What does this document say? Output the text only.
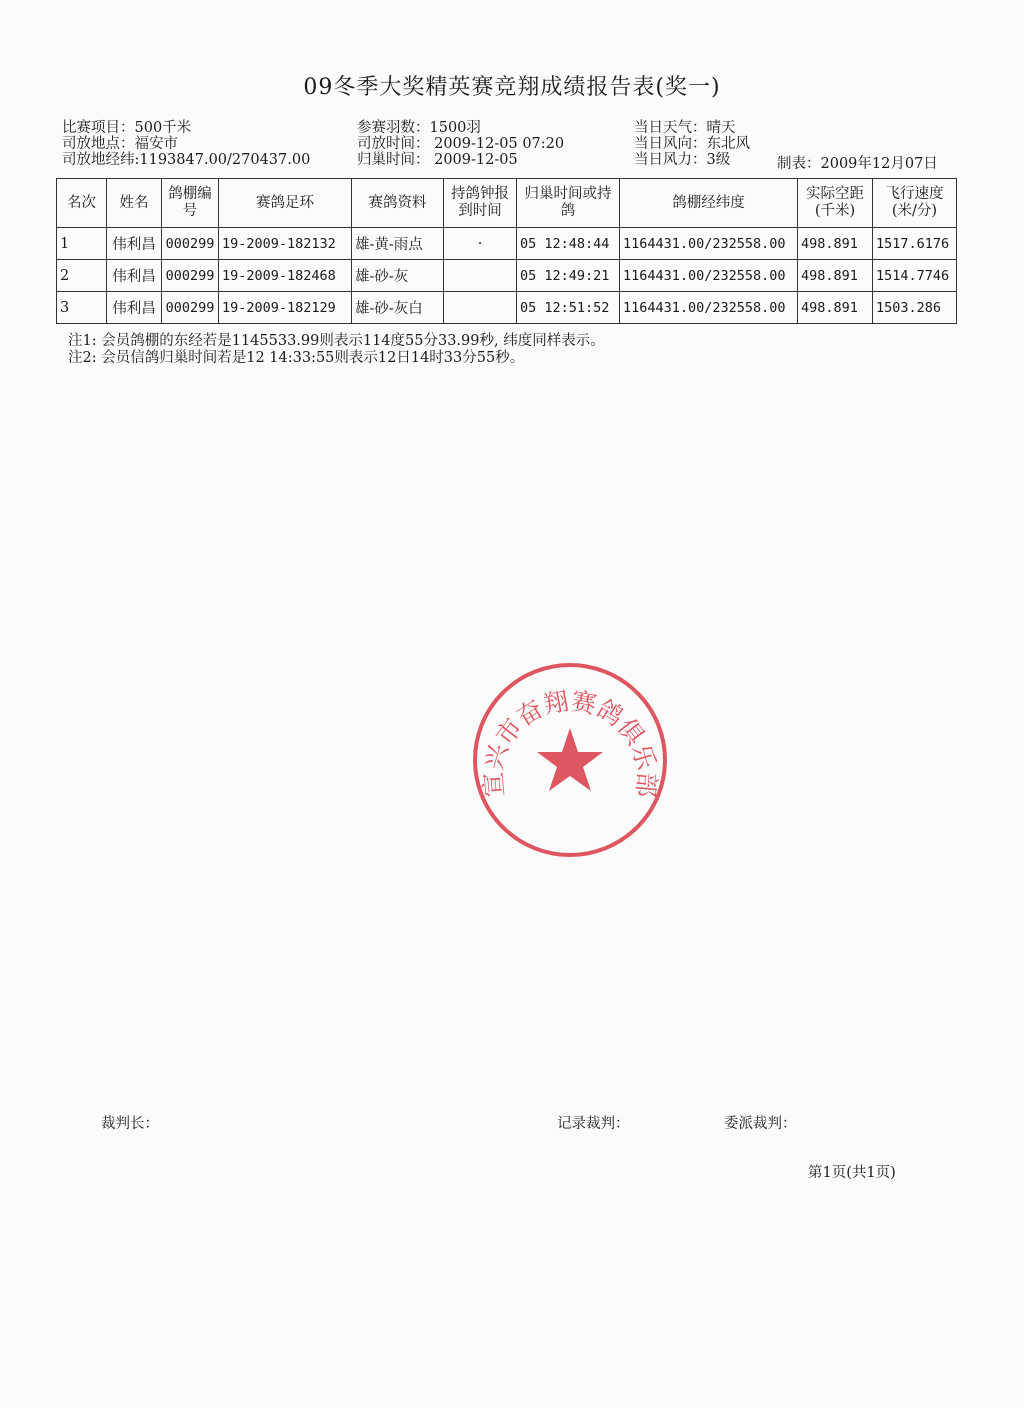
09冬季大奖精英赛竞翔成绩报告表(奖一)
比赛项目：500千米
司放地点：福安市
司放地经纬:1193847.00/270437.00
参赛羽数：1500羽
司放时间： 2009-12-05 07:20
归巢时间： 2009-12-05
当日天气：晴天
当日风向：东北风
当日风力：3级	制表：2009年12月07日
名次	姓名	鸽棚编号	赛鸽足环	赛鸽资料	持鸽钟报到时间	归巢时间或持鸽	鸽棚经纬度	实际空距(千米)	飞行速度(米/分)
1	伟利昌	000299	19-2009-182132	雄-黄-雨点	·	05 12:48:44	1164431.00/232558.00	498.891	1517.6176
2	伟利昌	000299	19-2009-182468	雄-砂-灰		05 12:49:21	1164431.00/232558.00	498.891	1514.7746
3	伟利昌	000299	19-2009-182129	雄-砂-灰白		05 12:51:52	1164431.00/232558.00	498.891	1503.286
注1: 会员鸽棚的东经若是1145533.99则表示114度55分33.99秒, 纬度同样表示。
注2: 会员信鸽归巢时间若是12 14:33:55则表示12日14时33分55秒。
宣兴市奋翔赛鸽俱乐部
裁判长：	记录裁判：	委派裁判：
第1页(共1页)
